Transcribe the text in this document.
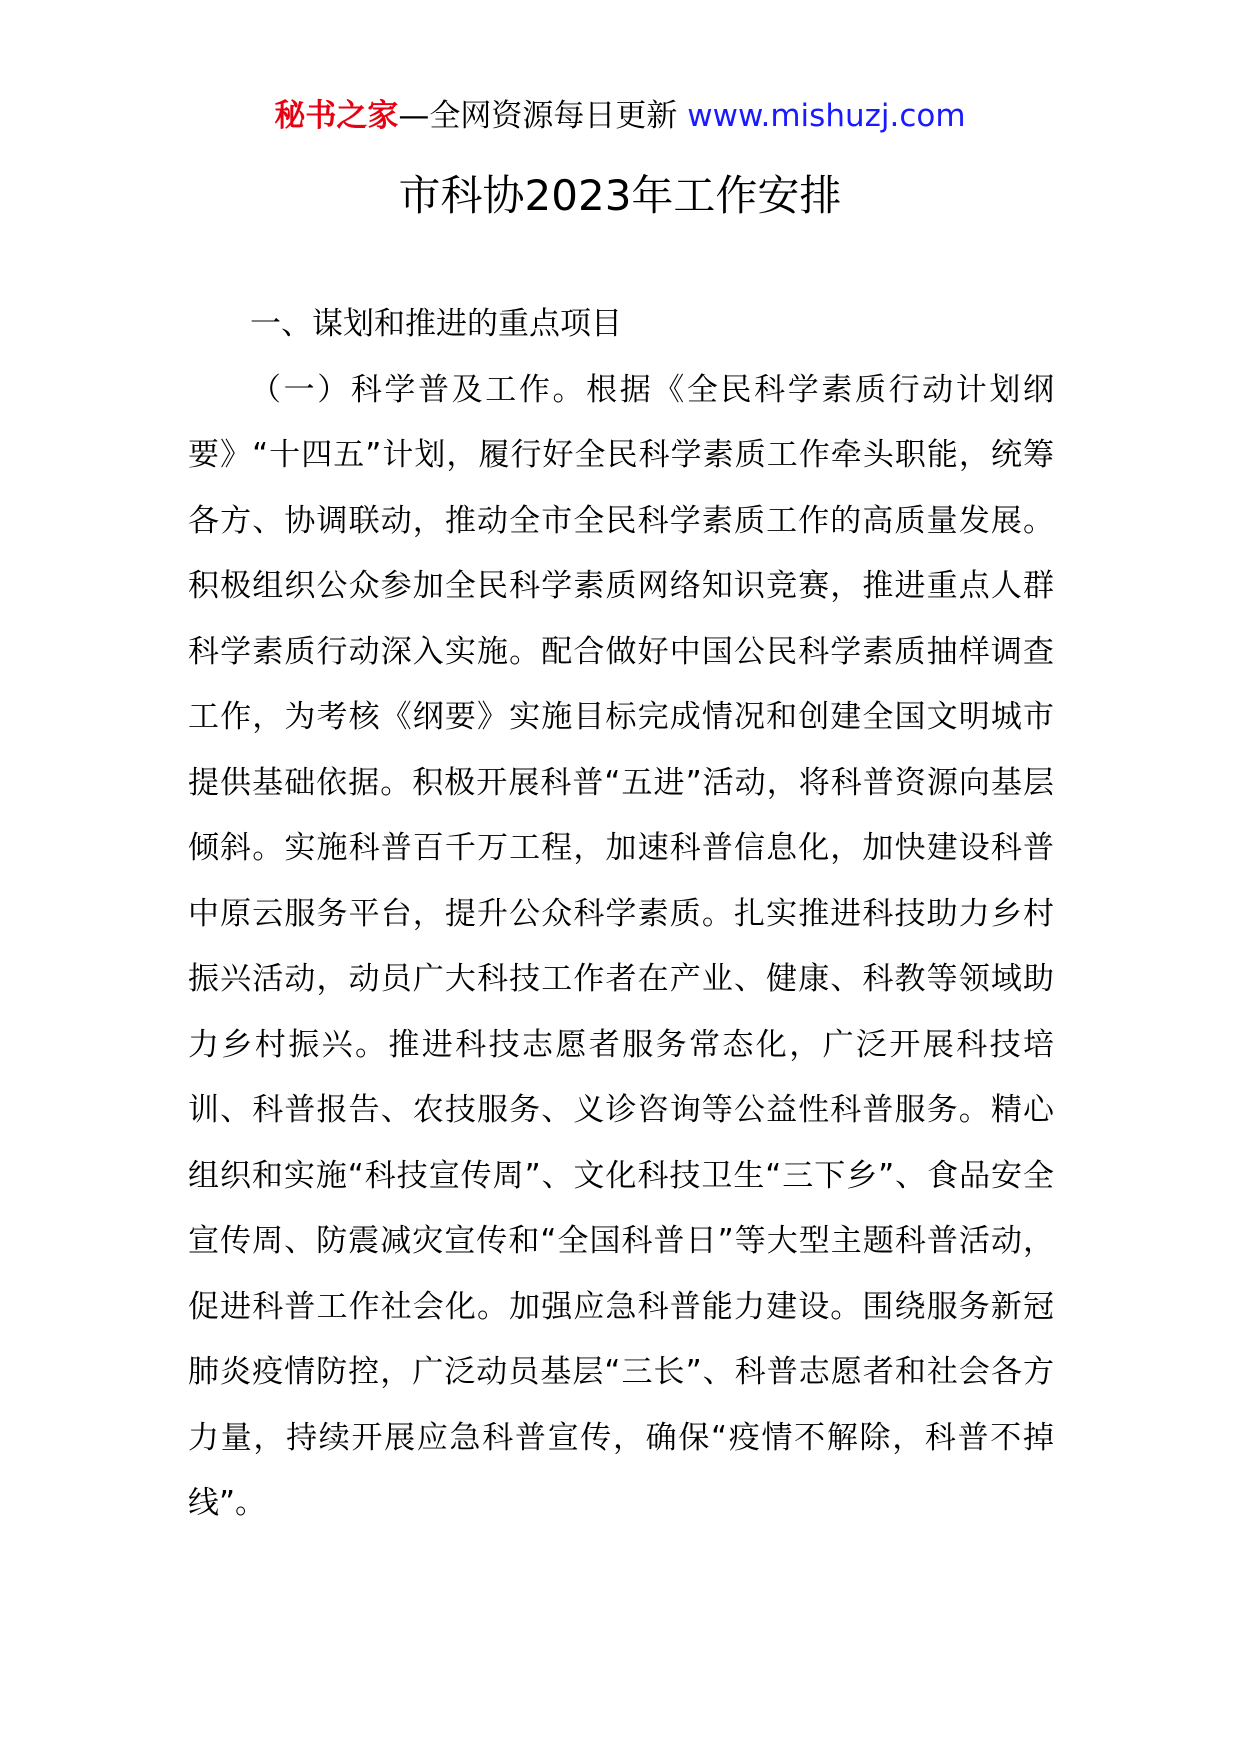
秘书之家—全网资源每日更新 www.mishuzj.com
市科协2023年工作安排

一、谋划和推进的重点项目

（一）科学普及工作。根据《全民科学素质行动计划纲要》“十四五”计划，履行好全民科学素质工作牵头职能，统筹各方、协调联动，推动全市全民科学素质工作的高质量发展。积极组织公众参加全民科学素质网络知识竞赛，推进重点人群科学素质行动深入实施。配合做好中国公民科学素质抽样调查工作，为考核《纲要》实施目标完成情况和创建全国文明城市提供基础依据。积极开展科普“五进”活动，将科普资源向基层倾斜。实施科普百千万工程，加速科普信息化，加快建设科普中原云服务平台，提升公众科学素质。扎实推进科技助力乡村振兴活动，动员广大科技工作者在产业、健康、科教等领域助力乡村振兴。推进科技志愿者服务常态化，广泛开展科技培训、科普报告、农技服务、义诊咨询等公益性科普服务。精心组织和实施“科技宣传周”、文化科技卫生“三下乡”、食品安全宣传周、防震减灾宣传和“全国科普日”等大型主题科普活动，促进科普工作社会化。加强应急科普能力建设。围绕服务新冠肺炎疫情防控，广泛动员基层“三长”、科普志愿者和社会各方力量，持续开展应急科普宣传，确保“疫情不解除，科普不掉线”。
